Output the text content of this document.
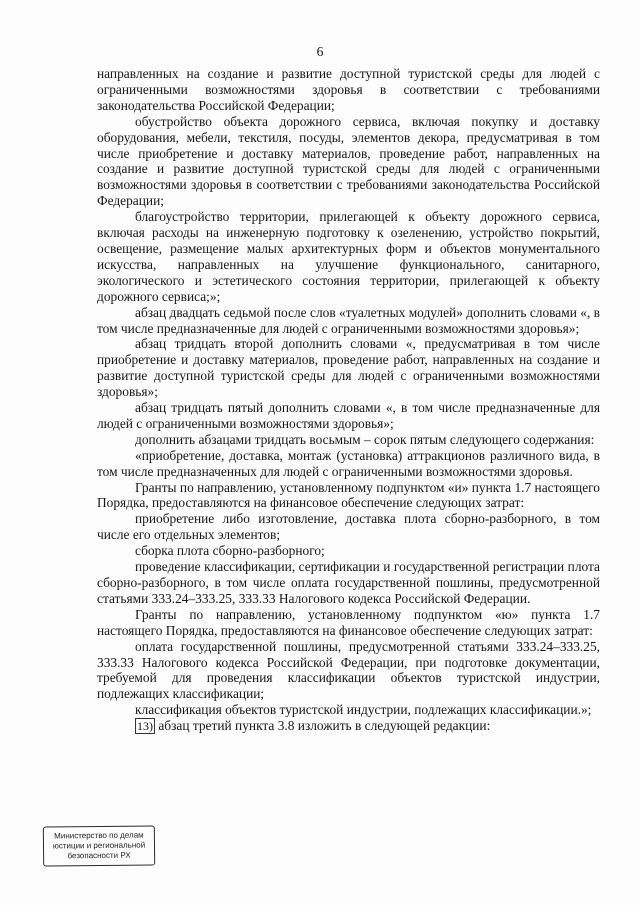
6

направленных на создание и развитие доступной туристской среды для людей с ограниченными возможностями здоровья в соответствии с требованиями законодательства Российской Федерации;

обустройство объекта дорожного сервиса, включая покупку и доставку оборудования, мебели, текстиля, посуды, элементов декора, предусматривая в том числе приобретение и доставку материалов, проведение работ, направленных на создание и развитие доступной туристской среды для людей с ограниченными возможностями здоровья в соответствии с требованиями законодательства Российской Федерации;

благоустройство территории, прилегающей к объекту дорожного сервиса, включая расходы на инженерную подготовку к озеленению, устройство покрытий, освещение, размещение малых архитектурных форм и объектов монументального искусства, направленных на улучшение функционального, санитарного, экологического и эстетического состояния территории, прилегающей к объекту дорожного сервиса;»;

абзац двадцать седьмой после слов «туалетных модулей» дополнить словами «, в том числе предназначенные для людей с ограниченными возможностями здоровья»;

абзац тридцать второй дополнить словами «, предусматривая в том числе приобретение и доставку материалов, проведение работ, направленных на создание и развитие доступной туристской среды для людей с ограниченными возможностями здоровья»;

абзац тридцать пятый дополнить словами «, в том числе предназначенные для людей с ограниченными возможностями здоровья»;

дополнить абзацами тридцать восьмым – сорок пятым следующего содержания:

«приобретение, доставка, монтаж (установка) аттракционов различного вида, в том числе предназначенных для людей с ограниченными возможностями здоровья.

Гранты по направлению, установленному подпунктом «и» пункта 1.7 настоящего Порядка, предоставляются на финансовое обеспечение следующих затрат:

приобретение либо изготовление, доставка плота сборно-разборного, в том числе его отдельных элементов;

сборка плота сборно-разборного;

проведение классификации, сертификации и государственной регистрации плота сборно-разборного, в том числе оплата государственной пошлины, предусмотренной статьями 333.24–333.25, 333.33 Налогового кодекса Российской Федерации.

Гранты по направлению, установленному подпунктом «ю» пункта 1.7 настоящего Порядка, предоставляются на финансовое обеспечение следующих затрат:

оплата государственной пошлины, предусмотренной статьями 333.24–333.25, 333.33 Налогового кодекса Российской Федерации, при подготовке документации, требуемой для проведения классификации объектов туристской индустрии, подлежащих классификации;

классификация объектов туристской индустрии, подлежащих классификации.»;

13) абзац третий пункта 3.8 изложить в следующей редакции:

Министерство по делам
юстиции и региональной
безопасности РХ
